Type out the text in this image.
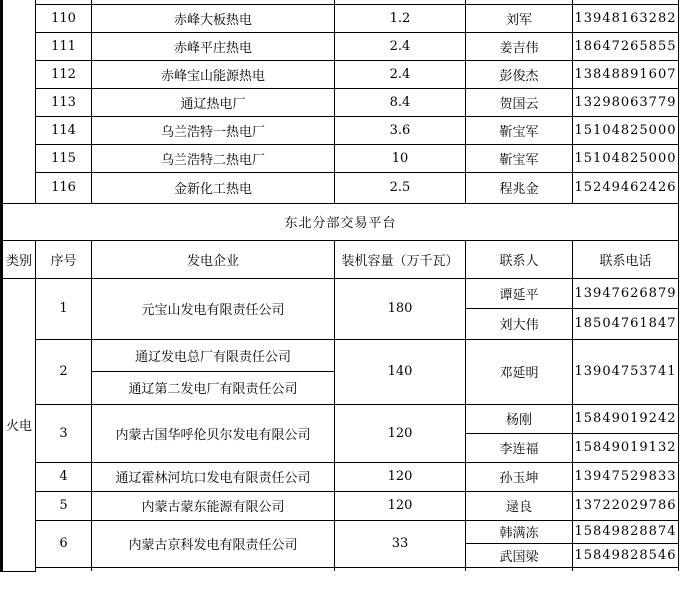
	110	赤峰大板热电	1.2	刘军	13948163282
	111	赤峰平庄热电	2.4	姜吉伟	18647265855
	112	赤峰宝山能源热电	2.4	彭俊杰	13848891607
	113	通辽热电厂	8.4	贺国云	13298063779
	114	乌兰浩特一热电厂	3.6	靳宝军	15104825000
	115	乌兰浩特二热电厂	10	靳宝军	15104825000
	116	金新化工热电	2.5	程兆金	15249462426
东北分部交易平台					
类别	序号	发电企业	装机容量（万千瓦）	联系人	联系电话
火电	1	元宝山发电有限责任公司	180	谭延平	13947626879
				刘大伟	18504761847
	2	通辽发电总厂有限责任公司	140	邓延明	13904753741
		通辽第二发电厂有限责任公司			
	3	内蒙古国华呼伦贝尔发电有限公司	120	杨刚	15849019242
				李连福	15849019132
	4	通辽霍林河坑口发电有限责任公司	120	孙玉坤	13947529833
	5	内蒙古蒙东能源有限公司	120	逯良	13722029786
	6	内蒙古京科发电有限责任公司	33	韩满冻	15849828874
				武国梁	15849828546
